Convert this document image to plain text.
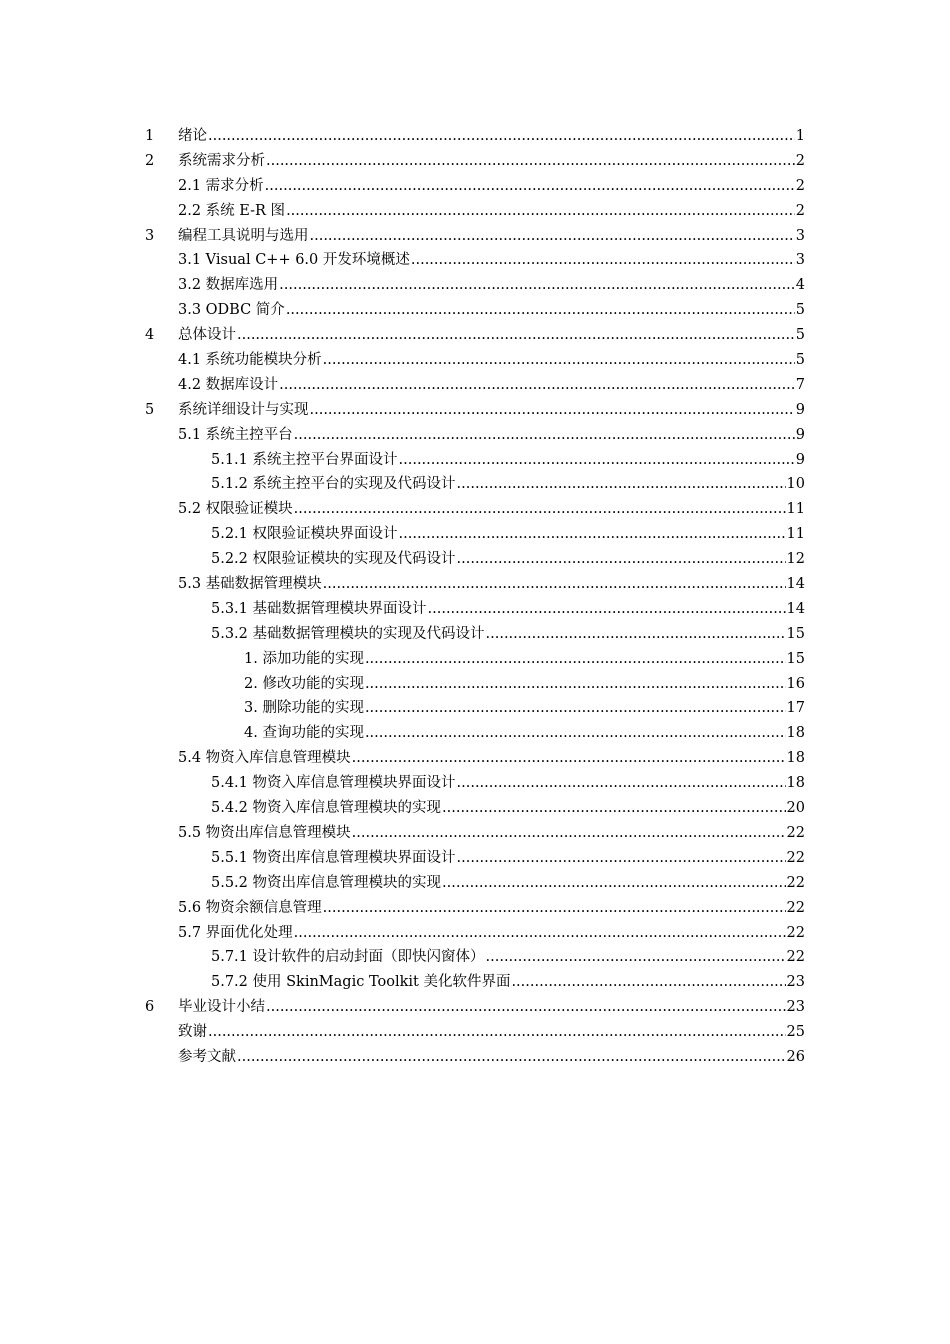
1 绪论 .....	1
2 系统需求分析 .....	2
2.1 需求分析 .....	2
2.2 系统 E-R 图 .....	2
3 编程工具说明与选用 .....	3
3.1 Visual C++ 6.0 开发环境概述 .....	3
3.2 数据库选用 .....	4
3.3 ODBC 简介 .....	5
4 总体设计 .....	5
4.1 系统功能模块分析 .....	5
4.2 数据库设计 .....	7
5 系统详细设计与实现 .....	9
5.1 系统主控平台 .....	9
5.1.1 系统主控平台界面设计 .....	9
5.1.2 系统主控平台的实现及代码设计 .....	10
5.2 权限验证模块 .....	11
5.2.1 权限验证模块界面设计 .....	11
5.2.2 权限验证模块的实现及代码设计 .....	12
5.3 基础数据管理模块 .....	14
5.3.1 基础数据管理模块界面设计 .....	14
5.3.2 基础数据管理模块的实现及代码设计 .....	15
1. 添加功能的实现 .....	15
2. 修改功能的实现 .....	16
3. 删除功能的实现 .....	17
4. 查询功能的实现 .....	18
5.4 物资入库信息管理模块 .....	18
5.4.1 物资入库信息管理模块界面设计 .....	18
5.4.2 物资入库信息管理模块的实现 .....	20
5.5 物资出库信息管理模块 .....	22
5.5.1 物资出库信息管理模块界面设计 .....	22
5.5.2 物资出库信息管理模块的实现 .....	22
5.6 物资余额信息管理 .....	22
5.7 界面优化处理 .....	22
5.7.1 设计软件的启动封面（即快闪窗体） .....	22
5.7.2 使用 SkinMagic Toolkit 美化软件界面 .....	23
6 毕业设计小结 .....	23
致谢 .....	25
参考文献 .....	26
